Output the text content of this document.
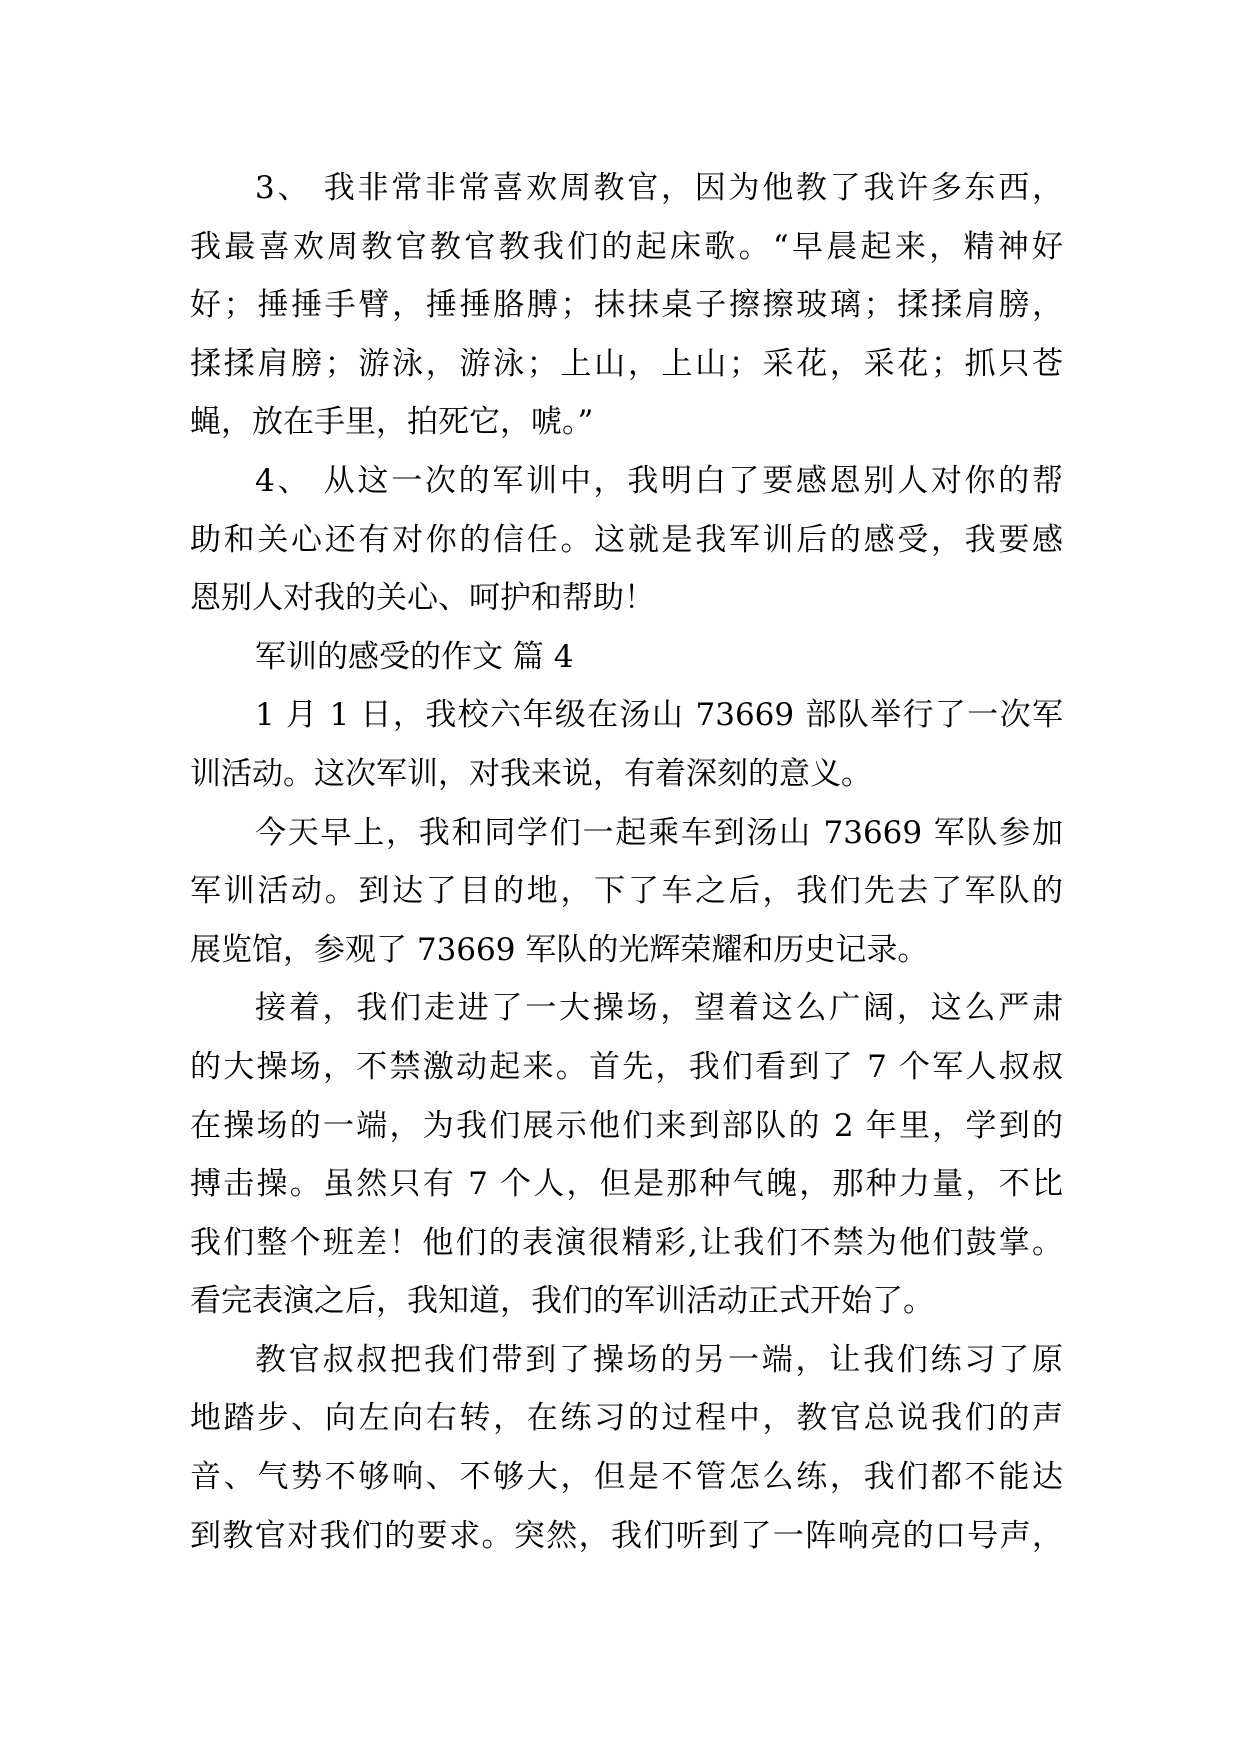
3、 我非常非常喜欢周教官，因为他教了我许多东西，
我最喜欢周教官教官教我们的起床歌。“早晨起来，精神好
好；捶捶手臂，捶捶胳膊；抹抹桌子擦擦玻璃；揉揉肩膀，
揉揉肩膀；游泳，游泳；上山，上山；采花，采花；抓只苍
蝇，放在手里，拍死它，唬。”
4、 从这一次的军训中，我明白了要感恩别人对你的帮
助和关心还有对你的信任。这就是我军训后的感受，我要感
恩别人对我的关心、呵护和帮助！
军训的感受的作文 篇 4
1 月 1 日，我校六年级在汤山 73669 部队举行了一次军
训活动。这次军训，对我来说，有着深刻的意义。
今天早上，我和同学们一起乘车到汤山 73669 军队参加
军训活动。到达了目的地，下了车之后，我们先去了军队的
展览馆，参观了 73669 军队的光辉荣耀和历史记录。
接着，我们走进了一大操场，望着这么广阔，这么严肃
的大操场，不禁激动起来。首先，我们看到了 7 个军人叔叔
在操场的一端，为我们展示他们来到部队的 2 年里，学到的
搏击操。虽然只有 7 个人，但是那种气魄，那种力量，不比
我们整个班差！他们的表演很精彩,让我们不禁为他们鼓掌。
看完表演之后，我知道，我们的军训活动正式开始了。
教官叔叔把我们带到了操场的另一端，让我们练习了原
地踏步、向左向右转，在练习的过程中，教官总说我们的声
音、气势不够响、不够大，但是不管怎么练，我们都不能达
到教官对我们的要求。突然，我们听到了一阵响亮的口号声，
